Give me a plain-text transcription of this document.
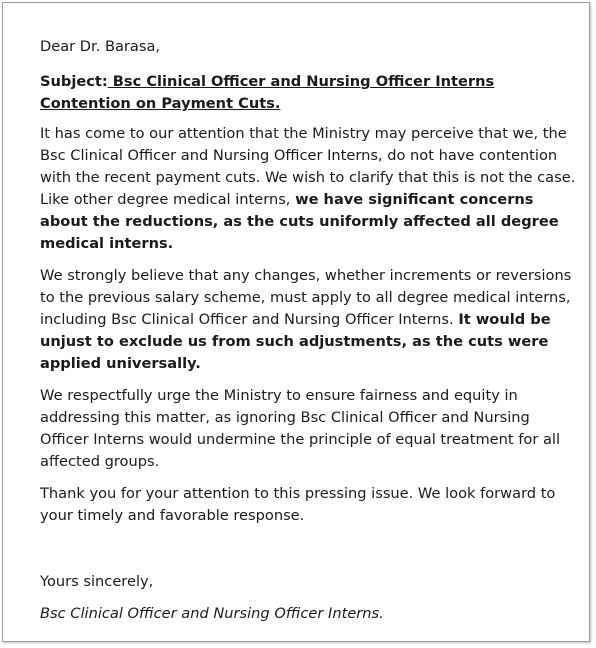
Dear Dr. Barasa,

Subject: Bsc Clinical Officer and Nursing Officer Interns Contention on Payment Cuts.

It has come to our attention that the Ministry may perceive that we, the Bsc Clinical Officer and Nursing Officer Interns, do not have contention with the recent payment cuts. We wish to clarify that this is not the case. Like other degree medical interns, we have significant concerns about the reductions, as the cuts uniformly affected all degree medical interns.

We strongly believe that any changes, whether increments or reversions to the previous salary scheme, must apply to all degree medical interns, including Bsc Clinical Officer and Nursing Officer Interns. It would be unjust to exclude us from such adjustments, as the cuts were applied universally.

We respectfully urge the Ministry to ensure fairness and equity in addressing this matter, as ignoring Bsc Clinical Officer and Nursing Officer Interns would undermine the principle of equal treatment for all affected groups.

Thank you for your attention to this pressing issue. We look forward to your timely and favorable response.

Yours sincerely,

Bsc Clinical Officer and Nursing Officer Interns.
